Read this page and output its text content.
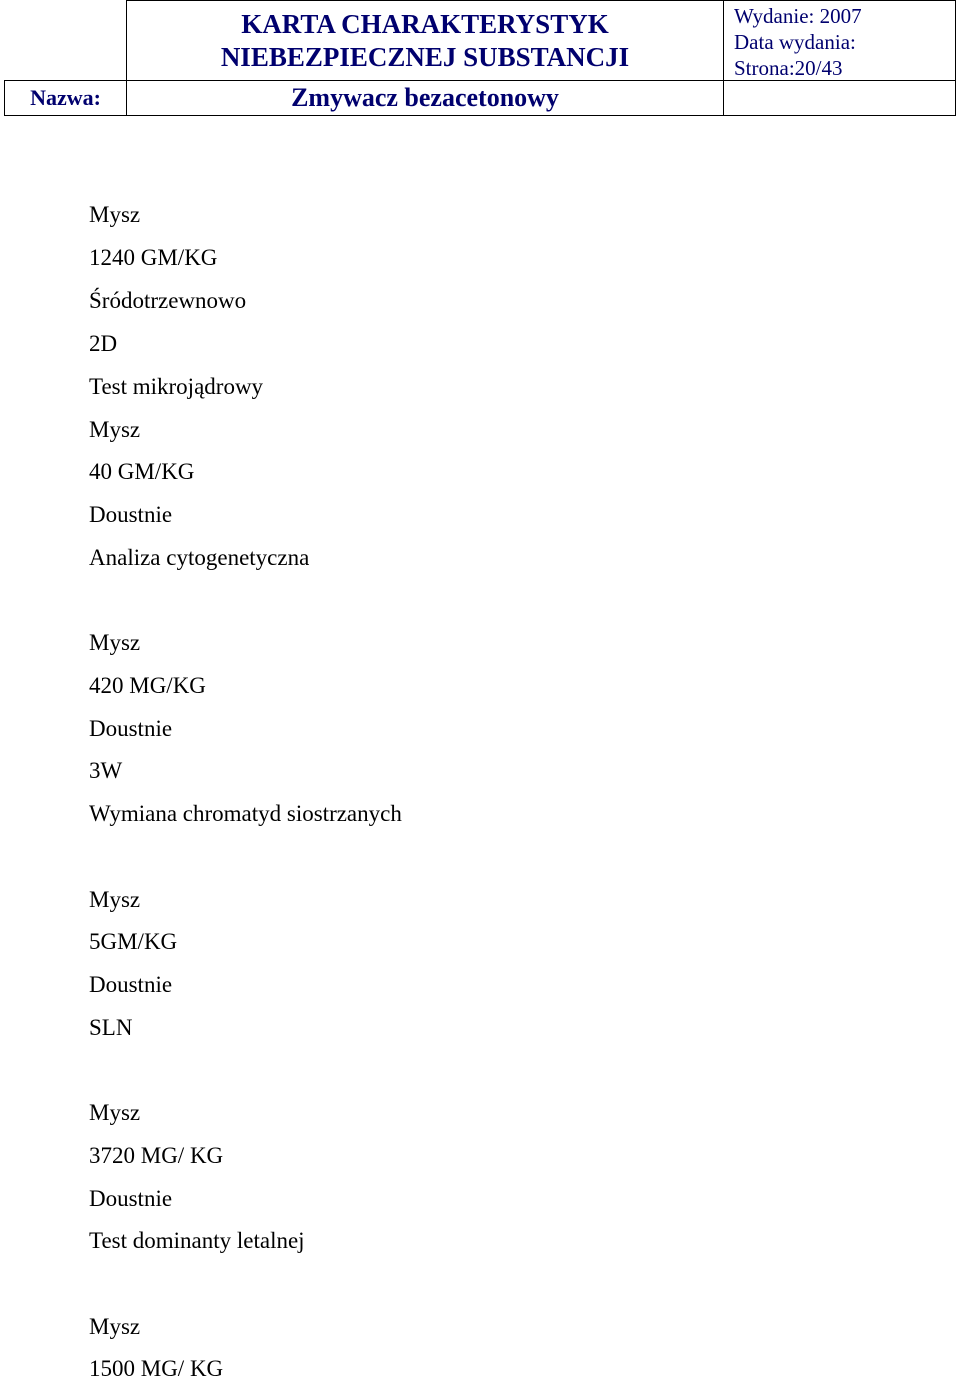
KARTA CHARAKTERYSTYK
NIEBEZPIECZNEJ SUBSTANCJI
Wydanie: 2007
Data wydania:
Strona:20/43
Nazwa:	Zmywacz bezacetonowy
Mysz
1240 GM/KG
Śródotrzewnowo
2D
Test mikrojądrowy
Mysz
40 GM/KG
Doustnie
Analiza cytogenetyczna
Mysz
420 MG/KG
Doustnie
3W
Wymiana chromatyd siostrzanych
Mysz
5GM/KG
Doustnie
SLN
Mysz
3720 MG/ KG
Doustnie
Test dominanty letalnej
Mysz
1500 MG/ KG
